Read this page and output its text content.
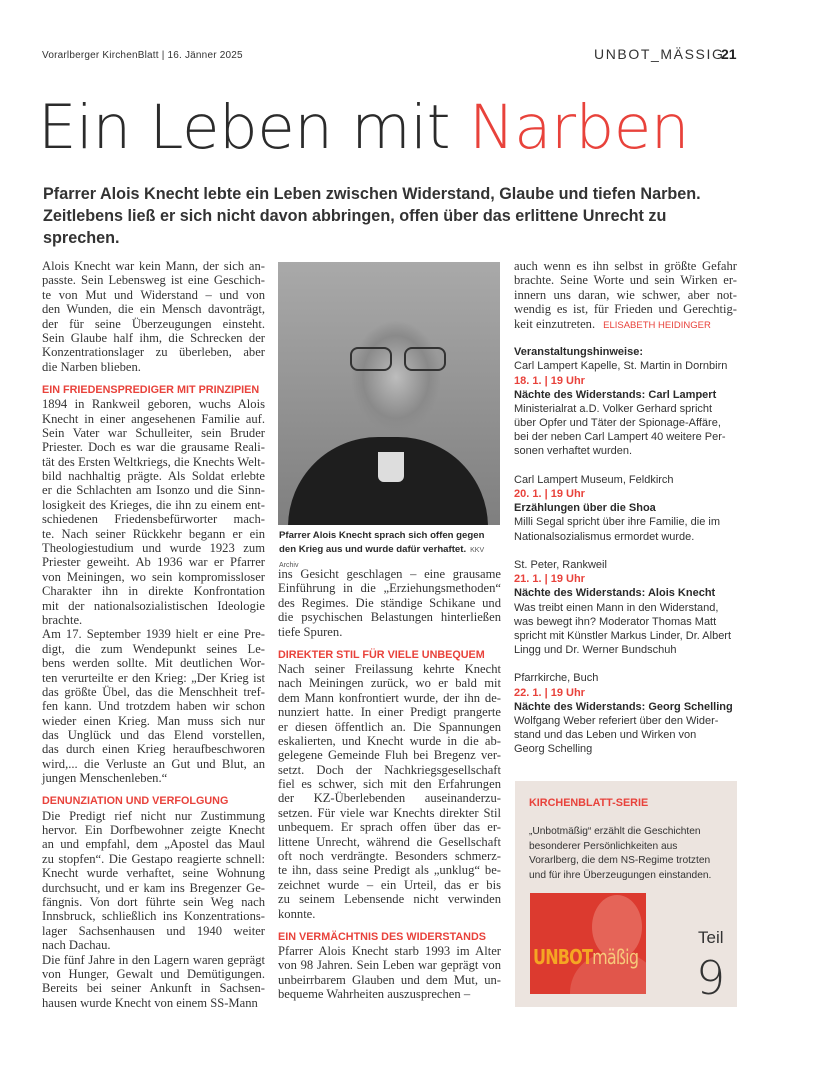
Vorarlberger KirchenBlatt | 16. Jänner 2025	UNBOT_MÄSSIG
21
Ein Leben mit Narben

Pfarrer Alois Knecht lebte ein Leben zwischen Widerstand, Glaube und tiefen Narben. Zeitlebens ließ er sich nicht davon abbringen, offen über das erlittene Unrecht zu sprechen.

Alois Knecht war kein Mann, der sich an-
passte. Sein Lebensweg ist eine Geschich-
te von Mut und Widerstand – und von
den Wunden, die ein Mensch davonträgt,
der für seine Überzeugungen einsteht.
Sein Glaube half ihm, die Schrecken der
Konzentrationslager zu überleben, aber
die Narben blieben.
EIN FRIEDENSPREDIGER MIT PRINZIPIEN
1894 in Rankweil geboren, wuchs Alois
Knecht in einer angesehenen Familie auf.
Sein Vater war Schulleiter, sein Bruder
Priester. Doch es war die grausame Reali-
tät des Ersten Weltkriegs, die Knechts Welt-
bild nachhaltig prägte. Als Soldat erlebte
er die Schlachten am Isonzo und die Sinn-
losigkeit des Krieges, die ihn zu einem ent-
schiedenen Friedensbefürworter mach-
te. Nach seiner Rückkehr begann er ein
Theologiestudium und wurde 1923 zum
Priester geweiht. Ab 1936 war er Pfarrer
von Meiningen, wo sein kompromissloser
Charakter ihn in direkte Konfrontation
mit der nationalsozialistischen Ideologie
brachte.
Am 17. September 1939 hielt er eine Pre-
digt, die zum Wendepunkt seines Le-
bens werden sollte. Mit deutlichen Wor-
ten verurteilte er den Krieg: „Der Krieg ist
das größte Übel, das die Menschheit tref-
fen kann. Und trotzdem haben wir schon
wieder einen Krieg. Man muss sich nur
das Unglück und das Elend vorstellen,
das durch einen Krieg heraufbeschworen
wird,... die Verluste an Gut und Blut, an
jungen Menschenleben.“
DENUNZIATION UND VERFOLGUNG
Die Predigt rief nicht nur Zustimmung
hervor. Ein Dorfbewohner zeigte Knecht
an und empfahl, dem „Apostel das Maul
zu stopfen“. Die Gestapo reagierte schnell:
Knecht wurde verhaftet, seine Wohnung
durchsucht, und er kam ins Bregenzer Ge-
fängnis. Von dort führte sein Weg nach
Innsbruck, schließlich ins Konzentrations-
lager Sachsenhausen und 1940 weiter
nach Dachau.
Die fünf Jahre in den Lagern waren geprägt
von Hunger, Gewalt und Demütigungen.
Bereits bei seiner Ankunft in Sachsen-
hausen wurde Knecht von einem SS-Mann
Pfarrer Alois Knecht sprach sich offen gegen den Krieg aus und wurde dafür verhaftet. KKV Archiv
ins Gesicht geschlagen – eine grausame
Einführung in die „Erziehungsmethoden“
des Regimes. Die ständige Schikane und
die psychischen Belastungen hinterließen
tiefe Spuren.
DIREKTER STIL FÜR VIELE UNBEQUEM
Nach seiner Freilassung kehrte Knecht
nach Meiningen zurück, wo er bald mit
dem Mann konfrontiert wurde, der ihn de-
nunziert hatte. In einer Predigt prangerte
er diesen öffentlich an. Die Spannungen
eskalierten, und Knecht wurde in die ab-
gelegene Gemeinde Fluh bei Bregenz ver-
setzt. Doch der Nachkriegsgesellschaft
fiel es schwer, sich mit den Erfahrungen
der KZ-Überlebenden auseinanderzu-
setzen. Für viele war Knechts direkter Stil
unbequem. Er sprach offen über das er-
littene Unrecht, während die Gesellschaft
oft noch verdrängte. Besonders schmerz-
te ihn, dass seine Predigt als „unklug“ be-
zeichnet wurde – ein Urteil, das er bis
zu seinem Lebensende nicht verwinden
konnte.
EIN VERMÄCHTNIS DES WIDERSTANDS
Pfarrer Alois Knecht starb 1993 im Alter
von 98 Jahren. Sein Leben war geprägt von
unbeirrbarem Glauben und dem Mut, un-
bequeme Wahrheiten auszusprechen –
auch wenn es ihn selbst in größte Gefahr
brachte. Seine Worte und sein Wirken er-
innern uns daran, wie schwer, aber not-
wendig es ist, für Frieden und Gerechtig-
keit einzutreten. ELISABETH HEIDINGER
Veranstaltungshinweise:
Carl Lampert Kapelle, St. Martin in Dornbirn
18. 1. | 19 Uhr
Nächte des Widerstands: Carl Lampert
Ministerialrat a.D. Volker Gerhard spricht
über Opfer und Täter der Spionage-Affäre,
bei der neben Carl Lampert 40 weitere Per-
sonen verhaftet wurden.
Carl Lampert Museum, Feldkirch
20. 1. | 19 Uhr
Erzählungen über die Shoa
Milli Segal spricht über ihre Familie, die im
Nationalsozialismus ermordet wurde.
St. Peter, Rankweil
21. 1. | 19 Uhr
Nächte des Widerstands: Alois Knecht
Was treibt einen Mann in den Widerstand,
was bewegt ihn? Moderator Thomas Matt
spricht mit Künstler Markus Linder, Dr. Albert
Lingg und Dr. Werner Bundschuh
Pfarrkirche, Buch
22. 1. | 19 Uhr
Nächte des Widerstands: Georg Schelling
Wolfgang Weber referiert über den Wider-
stand und das Leben und Wirken von
Georg Schelling
KIRCHENBLATT-SERIE
„Unbotmäßig“ erzählt die Geschichten besonderer Persönlichkeiten aus Vorarlberg, die dem NS-Regime trotzten und für ihre Überzeugungen einstanden.
UNBOTmäßig
Teil
9
